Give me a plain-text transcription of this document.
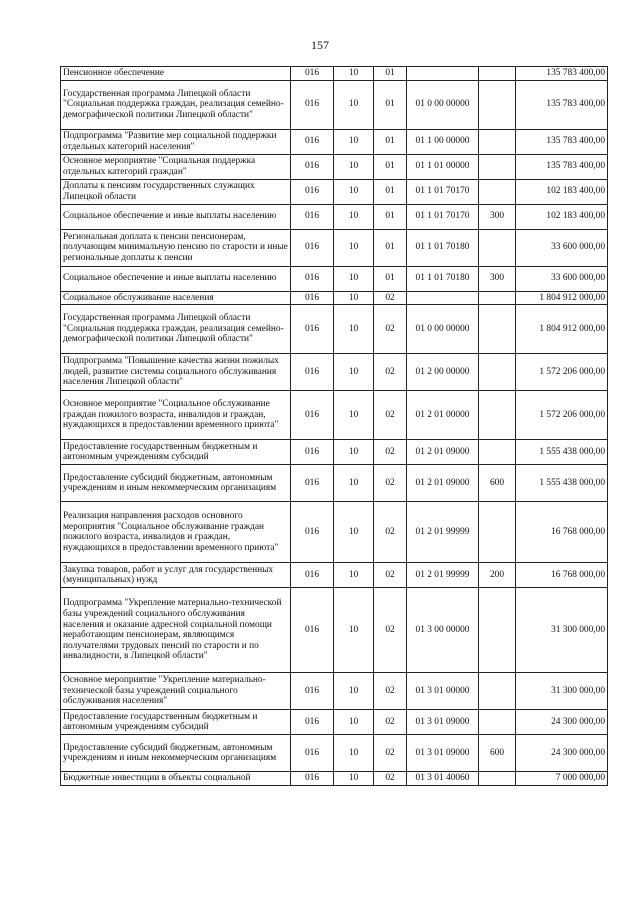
157
Пенсионное обеспечение	016	10	01			135 783 400,00
Государственная программа Липецкой области "Социальная поддержка граждан, реализация семейно-демографической политики Липецкой области"	016	10	01	01 0 00 00000		135 783 400,00
Подпрограмма "Развитие мер социальной поддержки отдельных категорий населения"	016	10	01	01 1 00 00000		135 783 400,00
Основное мероприятие "Социальная поддержка отдельных категорий граждан"	016	10	01	01 1 01 00000		135 783 400,00
Доплаты к пенсиям государственных служащих Липецкой области	016	10	01	01 1 01 70170		102 183 400,00
Социальное обеспечение и иные выплаты населению	016	10	01	01 1 01 70170	300	102 183 400,00
Региональная доплата к пенсии пенсионерам, получающим минимальную пенсию по старости и иные региональные доплаты к пенсии	016	10	01	01 1 01 70180		33 600 000,00
Социальное обеспечение и иные выплаты населению	016	10	01	01 1 01 70180	300	33 600 000,00
Социальное обслуживание населения	016	10	02			1 804 912 000,00
Государственная программа Липецкой области "Социальная поддержка граждан, реализация семейно-демографической политики Липецкой области"	016	10	02	01 0 00 00000		1 804 912 000,00
Подпрограмма "Повышение качества жизни пожилых людей, развитие системы социального обслуживания населения Липецкой области"	016	10	02	01 2 00 00000		1 572 206 000,00
Основное мероприятие "Социальное обслуживание граждан пожилого возраста, инвалидов и граждан, нуждающихся в предоставлении временного приюта"	016	10	02	01 2 01 00000		1 572 206 000,00
Предоставление государственным бюджетным и автономным учреждениям субсидий	016	10	02	01 2 01 09000		1 555 438 000,00
Предоставление субсидий бюджетным, автономным учреждениям и иным некоммерческим организациям	016	10	02	01 2 01 09000	600	1 555 438 000,00
Реализация направления расходов основного мероприятия "Социальное обслуживание граждан пожилого возраста, инвалидов и граждан, нуждающихся в предоставлении временного приюта"	016	10	02	01 2 01 99999		16 768 000,00
Закупка товаров, работ и услуг для государственных (муниципальных) нужд	016	10	02	01 2 01 99999	200	16 768 000,00
Подпрограмма "Укрепление материально-технической базы учреждений социального обслуживания населения и оказание адресной социальной помощи неработающим пенсионерам, являющимся получателями трудовых пенсий по старости и по инвалидности, в Липецкой области"	016	10	02	01 3 00 00000		31 300 000,00
Основное мероприятие "Укрепление материально-технической базы учреждений социального обслуживания населения"	016	10	02	01 3 01 00000		31 300 000,00
Предоставление государственным бюджетным и автономным учреждениям субсидий	016	10	02	01 3 01 09000		24 300 000,00
Предоставление субсидий бюджетным, автономным учреждениям и иным некоммерческим организациям	016	10	02	01 3 01 09000	600	24 300 000,00
Бюджетные инвестиции в объекты социальной	016	10	02	01 3 01 40060		7 000 000,00
